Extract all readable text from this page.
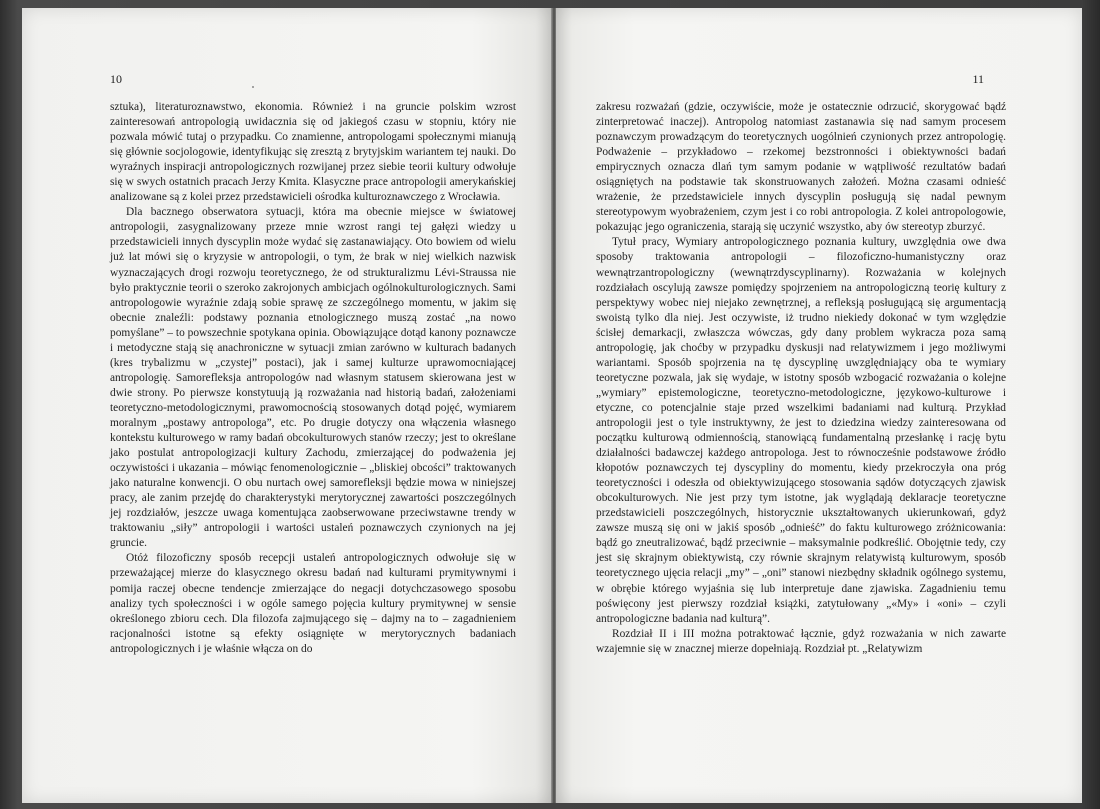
10

sztuka), literaturoznawstwo, ekonomia. Również i na gruncie polskim wzrost zainteresowań antropologią uwidacznia się od jakiegoś czasu w stopniu, który nie pozwala mówić tutaj o przypadku. Co znamienne, antropologami społecznymi mianują się głównie socjologowie, identyfikując się zresztą z brytyjskim wariantem tej nauki. Do wyraźnych inspiracji antropologicznych rozwijanej przez siebie teorii kultury odwołuje się w swych ostatnich pracach Jerzy Kmita. Klasyczne prace antropologii amerykańskiej analizowane są z kolei przez przedstawicieli ośrodka kulturoznawczego z Wrocławia.

Dla bacznego obserwatora sytuacji, która ma obecnie miejsce w światowej antropologii, zasygnalizowany przeze mnie wzrost rangi tej gałęzi wiedzy u przedstawicieli innych dyscyplin może wydać się zastanawiający. Oto bowiem od wielu już lat mówi się o kryzysie w antropologii, o tym, że brak w niej wielkich nazwisk wyznaczających drogi rozwoju teoretycznego, że od strukturalizmu Lévi-Straussa nie było praktycznie teorii o szeroko zakrojonych ambicjach ogólnokulturologicznych. Sami antropologowie wyraźnie zdają sobie sprawę ze szczególnego momentu, w jakim się obecnie znaleźli: podstawy poznania etnologicznego muszą zostać „na nowo pomyślane” – to powszechnie spotykana opinia. Obowiązujące dotąd kanony poznawcze i metodyczne stają się anachroniczne w sytuacji zmian zarówno w kulturach badanych (kres trybalizmu w „czystej” postaci), jak i samej kulturze uprawomocniającej antropologię. Samorefleksja antropologów nad własnym statusem skierowana jest w dwie strony. Po pierwsze konstytuują ją rozważania nad historią badań, założeniami teoretyczno-metodologicznymi, prawomocnością stosowanych dotąd pojęć, wymiarem moralnym „postawy antropologa”, etc. Po drugie dotyczy ona włączenia własnego kontekstu kulturowego w ramy badań obcokulturowych stanów rzeczy; jest to określane jako postulat antropologizacji kultury Zachodu, zmierzającej do podważenia jej oczywistości i ukazania – mówiąc fenomenologicznie – „bliskiej obcości” traktowanych jako naturalne konwencji. O obu nurtach owej samorefleksji będzie mowa w niniejszej pracy, ale zanim przejdę do charakterystyki merytorycznej zawartości poszczególnych jej rozdziałów, jeszcze uwaga komentująca zaobserwowane przeciwstawne trendy w traktowaniu „siły” antropologii i wartości ustaleń poznawczych czynionych na jej gruncie.

Otóż filozoficzny sposób recepcji ustaleń antropologicznych odwołuje się w przeważającej mierze do klasycznego okresu badań nad kulturami prymitywnymi i pomija raczej obecne tendencje zmierzające do negacji dotychczasowego sposobu analizy tych społeczności i w ogóle samego pojęcia kultury prymitywnej w sensie określonego zbioru cech. Dla filozofa zajmującego się – dajmy na to – zagadnieniem racjonalności istotne są efekty osiągnięte w merytorycznych badaniach antropologicznych i je właśnie włącza on do

11

zakresu rozważań (gdzie, oczywiście, może je ostatecznie odrzucić, skorygować bądź zinterpretować inaczej). Antropolog natomiast zastanawia się nad samym procesem poznawczym prowadzącym do teoretycznych uogólnień czynionych przez antropologię. Podważenie – przykładowo – rzekomej bezstronności i obiektywności badań empirycznych oznacza dlań tym samym podanie w wątpliwość rezultatów badań osiągniętych na podstawie tak skonstruowanych założeń. Można czasami odnieść wrażenie, że przedstawiciele innych dyscyplin posługują się nadal pewnym stereotypowym wyobrażeniem, czym jest i co robi antropologia. Z kolei antropologowie, pokazując jego ograniczenia, starają się uczynić wszystko, aby ów stereotyp zburzyć.

Tytuł pracy, Wymiary antropologicznego poznania kultury, uwzględnia owe dwa sposoby traktowania antropologii – filozoficzno-humanistyczny oraz wewnątrzantropologiczny (wewnątrzdyscyplinarny). Rozważania w kolejnych rozdziałach oscylują zawsze pomiędzy spojrzeniem na antropologiczną teorię kultury z perspektywy wobec niej niejako zewnętrznej, a refleksją posługującą się argumentacją swoistą tylko dla niej. Jest oczywiste, iż trudno niekiedy dokonać w tym względzie ścisłej demarkacji, zwłaszcza wówczas, gdy dany problem wykracza poza samą antropologię, jak choćby w przypadku dyskusji nad relatywizmem i jego możliwymi wariantami. Sposób spojrzenia na tę dyscyplinę uwzględniający oba te wymiary teoretyczne pozwala, jak się wydaje, w istotny sposób wzbogacić rozważania o kolejne „wymiary” epistemologiczne, teoretyczno-metodologiczne, językowo-kulturowe i etyczne, co potencjalnie staje przed wszelkimi badaniami nad kulturą. Przykład antropologii jest o tyle instruktywny, że jest to dziedzina wiedzy zainteresowana od początku kulturową odmiennością, stanowiącą fundamentalną przesłankę i rację bytu działalności badawczej każdego antropologa. Jest to równocześnie podstawowe źródło kłopotów poznawczych tej dyscypliny do momentu, kiedy przekroczyła ona próg teoretyczności i odeszła od obiektywizującego stosowania sądów dotyczących zjawisk obcokulturowych. Nie jest przy tym istotne, jak wyglądają deklaracje teoretyczne przedstawicieli poszczególnych, historycznie ukształtowanych ukierunkowań, gdyż zawsze muszą się oni w jakiś sposób „odnieść” do faktu kulturowego zróżnicowania: bądź go zneutralizować, bądź przeciwnie – maksymalnie podkreślić. Obojętnie tedy, czy jest się skrajnym obiektywistą, czy równie skrajnym relatywistą kulturowym, sposób teoretycznego ujęcia relacji „my” – „oni” stanowi niezbędny składnik ogólnego systemu, w obrębie którego wyjaśnia się lub interpretuje dane zjawiska. Zagadnieniu temu poświęcony jest pierwszy rozdział książki, zatytułowany „«My» i «oni» – czyli antropologiczne badania nad kulturą”.

Rozdział II i III można potraktować łącznie, gdyż rozważania w nich zawarte wzajemnie się w znacznej mierze dopełniają. Rozdział pt. „Relatywizm
